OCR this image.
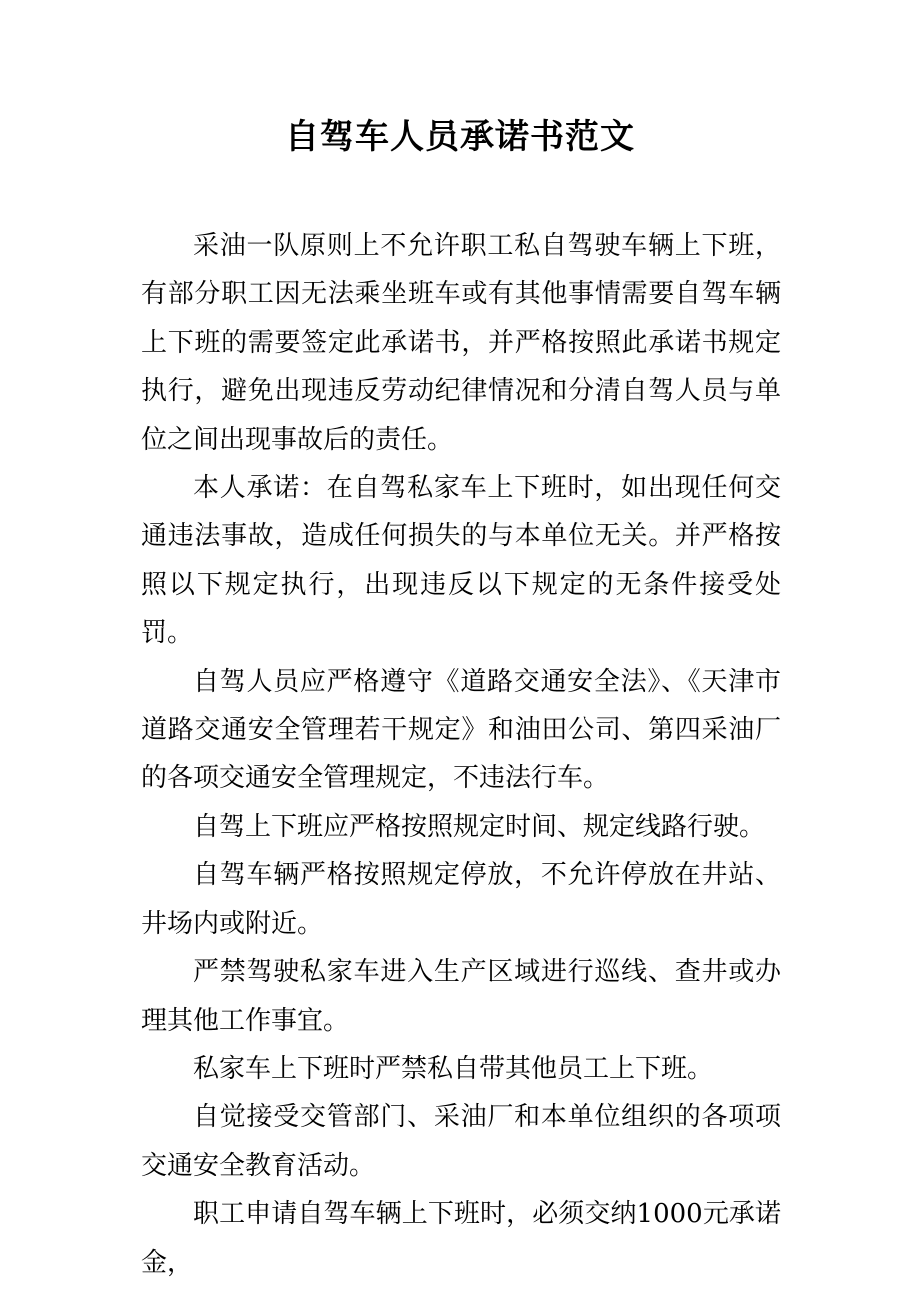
自驾车人员承诺书范文

采油一队原则上不允许职工私自驾驶车辆上下班，有部分职工因无法乘坐班车或有其他事情需要自驾车辆上下班的需要签定此承诺书，并严格按照此承诺书规定执行，避免出现违反劳动纪律情况和分清自驾人员与单位之间出现事故后的责任。

本人承诺：在自驾私家车上下班时，如出现任何交通违法事故，造成任何损失的与本单位无关。并严格按照以下规定执行，出现违反以下规定的无条件接受处罚。

自驾人员应严格遵守《道路交通安全法》、《天津市道路交通安全管理若干规定》和油田公司、第四采油厂的各项交通安全管理规定，不违法行车。

自驾上下班应严格按照规定时间、规定线路行驶。

自驾车辆严格按照规定停放，不允许停放在井站、井场内或附近。

严禁驾驶私家车进入生产区域进行巡线、查井或办理其他工作事宜。

私家车上下班时严禁私自带其他员工上下班。

自觉接受交管部门、采油厂和本单位组织的各项项交通安全教育活动。

职工申请自驾车辆上下班时，必须交纳1000元承诺金，
